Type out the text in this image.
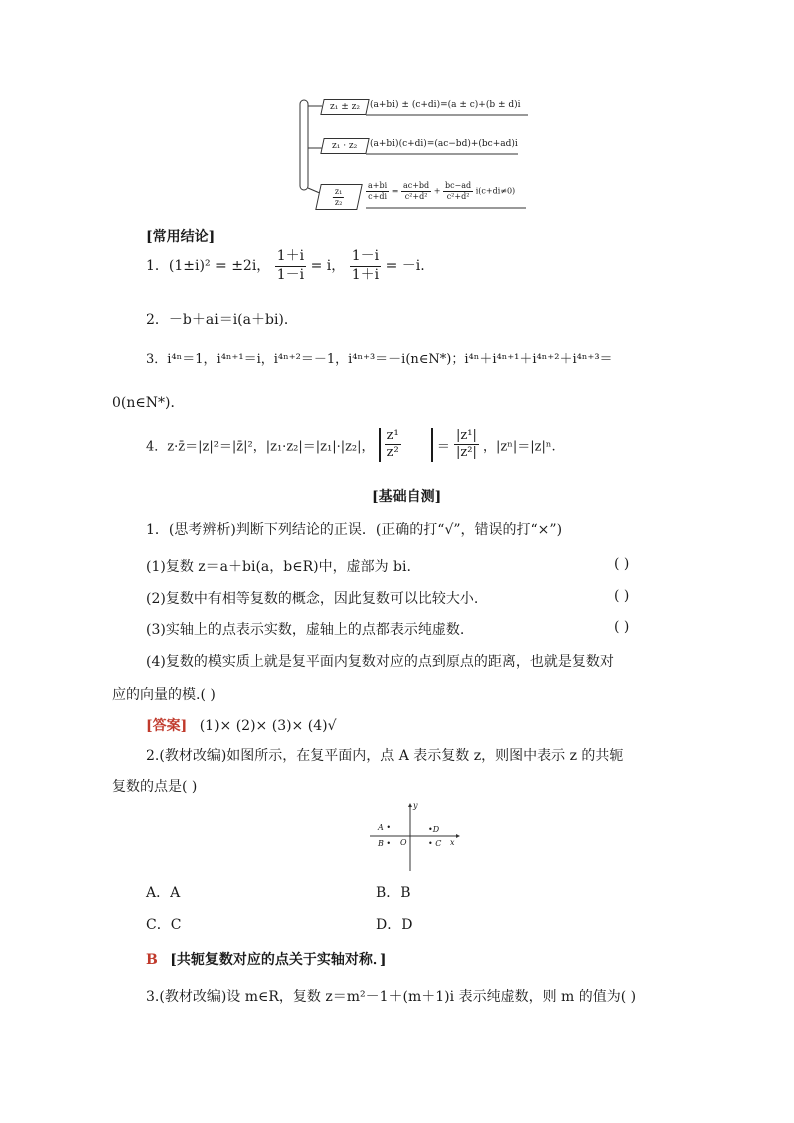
z₁ ± z₂ (a+bi) ± (c+di)=(a ± c)+(b ± d)i
z₁ · z₂ (a+bi)(c+di)=(ac−bd)+(bc+ad)i
$\frac{\text{z₁}}{\text{z₂}}$	$\frac{a+bi}{c+di} = \frac{ac+bd}{\text{c²+d²}} + \frac{bc-ad}{\text{c²+d²}} i(c+di\ne 0)$
[常用结论]
1．(1±i)² = ±2i， $\frac{1+i}{1-i} = i$， $\frac{1-i}{1+i} = -i$.
2．－b＋ai＝i(a＋bi)．
3．i⁴ⁿ＝1，i⁴ⁿ⁺¹＝i，i⁴ⁿ⁺²＝－1，i⁴ⁿ⁺³＝－i(n∈N*)；i⁴ⁿ＋i⁴ⁿ⁺¹＋i⁴ⁿ⁺²＋i⁴ⁿ⁺³＝
0(n∈N*)．
4．z·z̄＝|z|²＝|z̄|²，|z₁·z₂|＝|z₁|·|z₂|， $\frac{\text{z¹}}{\text{z²}}$	＝ $\frac{\text{|z¹|}}{\text{|z²|}}$ ，|zⁿ|＝|z|ⁿ.
[基础自测]
1．(思考辨析)判断下列结论的正误．(正确的打“√”，错误的打“×”)
(1)复数 z＝a＋bi(a，b∈R)中，虚部为 bi.	( )
(2)复数中有相等复数的概念，因此复数可以比较大小.	( )
(3)实轴上的点表示实数，虚轴上的点都表示纯虚数.	( )
(4)复数的模实质上就是复平面内复数对应的点到原点的距离，也就是复数对
应的向量的模.( )
[答案] (1)× (2)× (3)× (4)√
2.(教材改编)如图所示，在复平面内，点 A 表示复数 z，则图中表示 z 的共轭
复数的点是( )
y
x
O
A •
B •
•D
• C
A．A	B．B
C．C	D．D
B [共轭复数对应的点关于实轴对称．]
3.(教材改编)设 m∈R，复数 z＝m²－1＋(m＋1)i 表示纯虚数，则 m 的值为( )
